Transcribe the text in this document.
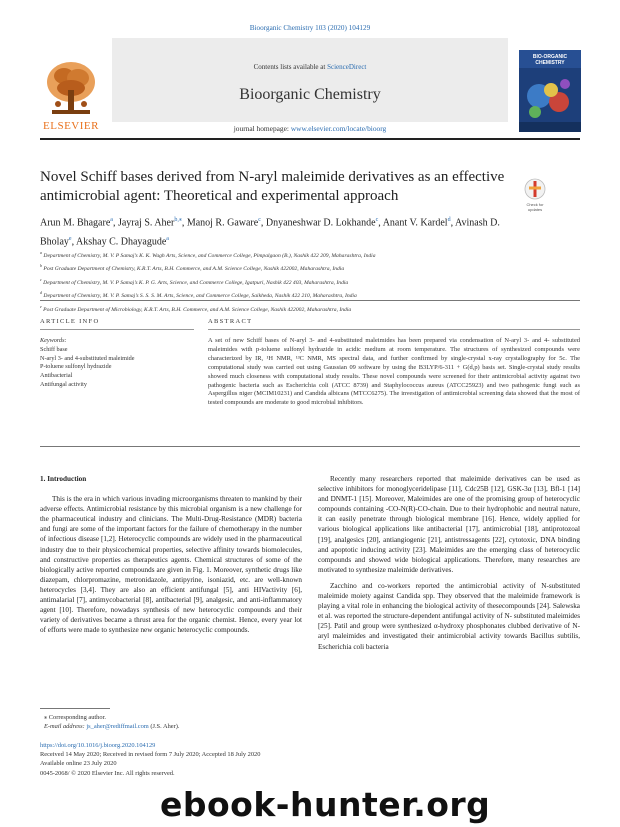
Bioorganic Chemistry 103 (2020) 104129
ELSEVIER
Contents lists available at ScienceDirect
Bioorganic Chemistry
BIO-ORGANIC CHEMISTRY
journal homepage: www.elsevier.com/locate/bioorg
Novel Schiff bases derived from N-aryl maleimide derivatives as an effective antimicrobial agent: Theoretical and experimental approach
Check for updates
Arun M. Bhagare$^a$, Jayraj S. Aher$^{b,⁎}$, Manoj R. Gaware$^c$, Dnyaneshwar D. Lokhande$^c$, Anant V. Kardel$^d$, Avinash D. Bholay$^e$, Akshay C. Dhayagude$^a$
$^a$ Department of Chemistry, M. V. P Samaj’s K. K. Wagh Arts, Science, and Commerce College, Pimpalgaon (B.), Nashik 422 209, Maharashtra, India
$^b$ Post Graduate Department of Chemistry, K.R.T. Arts, B.H. Commerce, and A.M. Science College, Nashik 422002, Maharashtra, India
$^c$ Department of Chemistry, M. V. P Samaj’s K. P. G. Arts, Science, and Commerce College, Igatpuri, Nashik 422 403, Maharashtra, India
$^d$ Department of Chemistry, M. V. P. Samaj’s S. S. S. M. Arts, Science, and Commerce College, Saikheda, Nashik 422 210, Maharashtra, India
$^e$ Post Graduate Department of Microbiology, K.R.T. Arts, B.H. Commerce, and A.M. Science College, Nashik 422002, Maharashtra, India
ARTICLE INFO	ABSTRACT
Keywords:
Schiff base
N-aryl 3- and 4-substituted maleimide
P-toluene sulfonyl hydrazide
Antibacterial
Antifungal activity
A set of new Schiff bases of N-aryl 3- and 4-substituted maleimides has been prepared via condensation of N-aryl 3- and 4- substituted maleimides with p-toluene sulfonyl hydrazide in acidic medium at room temperature. The structures of synthesized compounds were characterized by IR, ¹H NMR, ¹³C NMR, MS spectral data, and further confirmed by single-crystal x-ray crystallography for 5c. The computational study was carried out using Gaussian 09 software by using the B3LYP/6-311 + G(d,p) basis set. Single-crystal study results showed much closeness with computational study results. These novel compounds were screened for their antimicrobial activity against two pathogenic bacteria such as Escherichia coli (ATCC 8739) and Staphylococcus aureus (ATCC25923) and two pathogenic fungi such as Aspergillus niger (MCIM10231) and Candida albicans (MTCC6275). The investigation of antimicrobial screening data showed that the most of tested compounds are moderate to good microbial inhibitors.
1. Introduction

This is the era in which various invading microorganisms threaten to mankind by their adverse effects. Antimicrobial resistance by this microbial organism is a new challenge for the pharmaceutical industry and clinicians. The Multi-Drug-Resistance (MDR) bacteria and fungi are some of the important factors for the failure of chemotherapy in the number of infectious disease [1,2]. Heterocyclic compounds are widely used in the pharmaceutical industry due to their physicochemical properties, selective affinity towards biomolecules, and constructive properties as therapeutics agents. Chemical structures of some of the biologically active reported compounds are given in Fig. 1. Moreover, synthetic drugs like diazepam, chlorpromazine, metronidazole, antipyrine, isoniazid, etc. are well-known heterocycles [3,4]. They are also an efficient antifungal [5], anti HIVactivity [6], antimalarial [7], antimycobacterial [8], antibacterial [9], analgesic, and anti-inflammatory agent [10]. Therefore, nowadays synthesis of new heterocyclic compounds and their variety of derivatives became a thrust area for the organic chemist. Hence, every year lot of efforts were made to synthesize new organic heterocyclic compounds.

Recently many researchers reported that maleimide derivatives can be used as selective inhibitors for monoglyceridelipase [11], Cdc25B [12], GSK-3α [13], Bfl-1 [14] and DNMT-1 [15]. Moreover, Maleimides are one of the promising group of heterocyclic compounds containing -CO-N(R)-CO-chain. Due to their hydrophobic and neutral nature, it can easily penetrate through biological membrane [16]. Hence, widely applied for various biological applications like antibacterial [17], antimicrobial [18], antiprotozoal [19], analgesics [20], antiangiogenic [21], antistressagents [22], cytotoxic, DNA binding and apoptotic inducing activity [23]. Maleimides are the emerging class of heterocyclic compounds and showed wide biological applications. Therefore, many researches are motivated to synthesize maleimide derivatives.

Zacchino and co-workers reported the antimicrobial activity of N-substituted maleimide moiety against Candida spp. They observed that the maleimide framework is playing a vital role in enhancing the biological activity of thesecompounds [24]. Salewska et al. was reported the structure-dependent antifungal activity of N- substituted maleimides [25]. Patil and group were synthesized α-hydroxy phosphonates clubbed derivative of N-aryl maleimides and investigated their antimicrobial activity towards Bacillus subtilis, Escherichia coli bacteria

⁎ Corresponding author.
E-mail address: js_aher@rediffmail.com (J.S. Aher).
https://doi.org/10.1016/j.bioorg.2020.104129
Received 14 May 2020; Received in revised form 7 July 2020; Accepted 18 July 2020
Available online 23 July 2020
0045-2068/ © 2020 Elsevier Inc. All rights reserved.
ebook-hunter.org
